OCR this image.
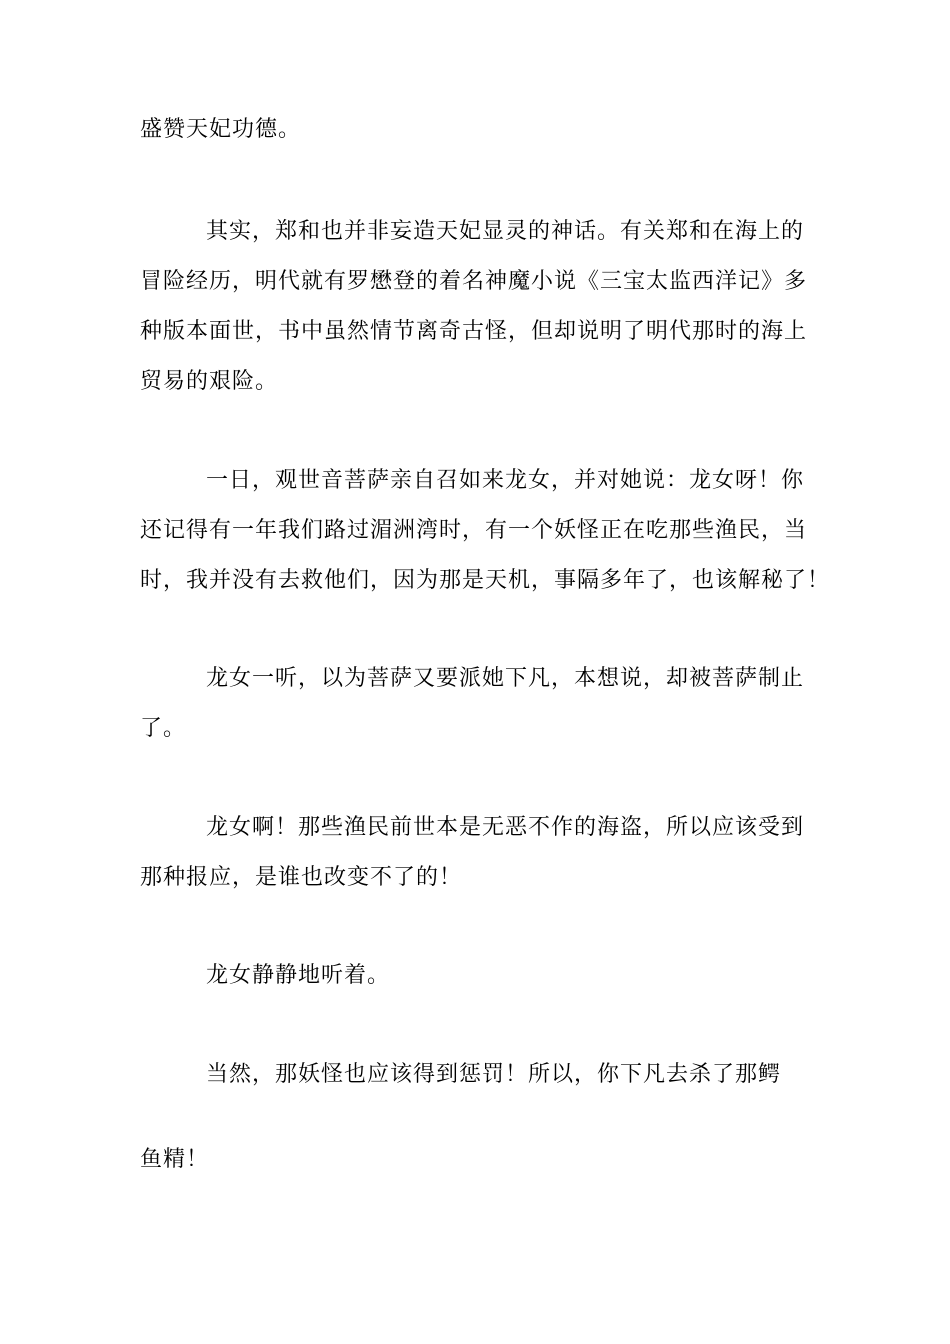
盛赞天妃功德。
其实，郑和也并非妄造天妃显灵的神话。有关郑和在海上的
冒险经历，明代就有罗懋登的着名神魔小说《三宝太监西洋记》多
种版本面世，书中虽然情节离奇古怪，但却说明了明代那时的海上
贸易的艰险。
一日，观世音菩萨亲自召如来龙女，并对她说：龙女呀！你
还记得有一年我们路过湄洲湾时，有一个妖怪正在吃那些渔民，当
时，我并没有去救他们，因为那是天机，事隔多年了，也该解秘了！
龙女一听，以为菩萨又要派她下凡，本想说，却被菩萨制止
了。
龙女啊！那些渔民前世本是无恶不作的海盗，所以应该受到
那种报应，是谁也改变不了的！
龙女静静地听着。
当然，那妖怪也应该得到惩罚！所以，你下凡去杀了那鳄
鱼精！
